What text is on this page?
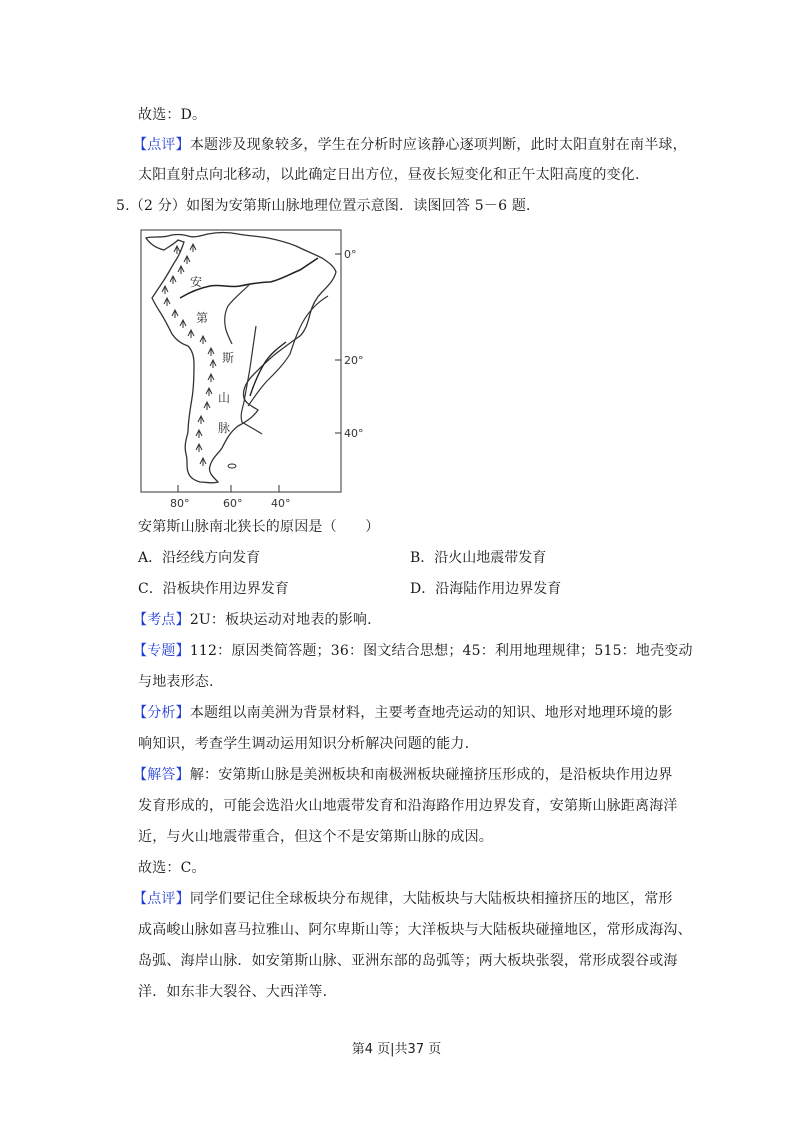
故选：D。
【点评】本题涉及现象较多，学生在分析时应该静心逐项判断，此时太阳直射在南半球，
太阳直射点向北移动，以此确定日出方位，昼夜长短变化和正午太阳高度的变化.
5.（2 分）如图为安第斯山脉地理位置示意图．读图回答 5－6 题．
安
第
斯
山
脉
0°
20°
40°
80°	60°	40°
安第斯山脉南北狭长的原因是（　　）
A．沿经线方向发育	B．沿火山地震带发育
C．沿板块作用边界发育	D．沿海陆作用边界发育
【考点】2U：板块运动对地表的影响.
【专题】112：原因类简答题；36：图文结合思想；45：利用地理规律；515：地壳变动
与地表形态.
【分析】本题组以南美洲为背景材料，主要考查地壳运动的知识、地形对地理环境的影
响知识，考查学生调动运用知识分析解决问题的能力.
【解答】解：安第斯山脉是美洲板块和南极洲板块碰撞挤压形成的，是沿板块作用边界
发育形成的，可能会选沿火山地震带发育和沿海路作用边界发育，安第斯山脉距离海洋
近，与火山地震带重合，但这个不是安第斯山脉的成因。
故选：C。
【点评】同学们要记住全球板块分布规律，大陆板块与大陆板块相撞挤压的地区，常形
成高峻山脉如喜马拉雅山、阿尔卑斯山等；大洋板块与大陆板块碰撞地区，常形成海沟、
岛弧、海岸山脉．如安第斯山脉、亚洲东部的岛弧等；两大板块张裂，常形成裂谷或海
洋．如东非大裂谷、大西洋等.
第4 页|共37 页
